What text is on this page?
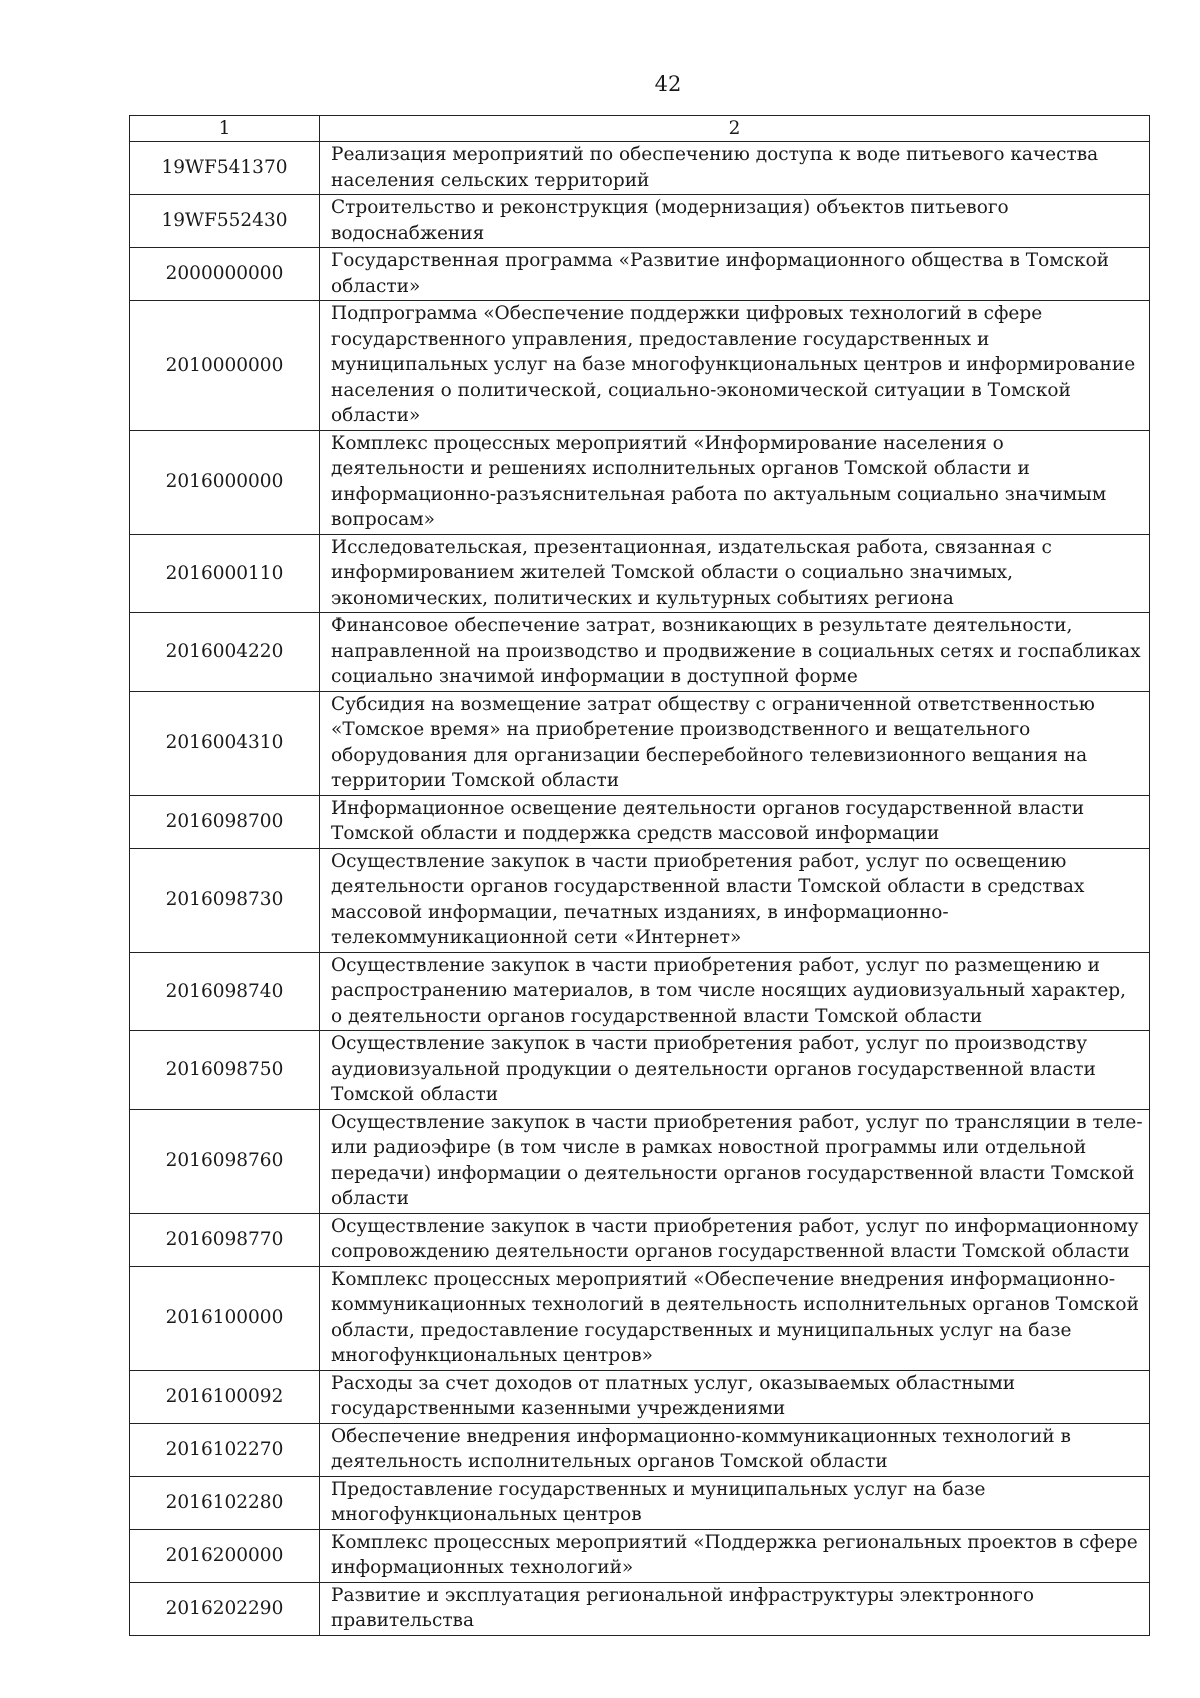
42
1	2
19WF541370	Реализация мероприятий по обеспечению доступа к воде питьевого качества населения сельских территорий
19WF552430	Строительство и реконструкция (модернизация) объектов питьевого водоснабжения
2000000000	Государственная программа «Развитие информационного общества в Томской области»
2010000000	Подпрограмма «Обеспечение поддержки цифровых технологий в сфере государственного управления, предоставление государственных и муниципальных услуг на базе многофункциональных центров и информирование населения о политической, социально-экономической ситуации в Томской области»
2016000000	Комплекс процессных мероприятий «Информирование населения о деятельности и решениях исполнительных органов Томской области и информационно-разъяснительная работа по актуальным социально значимым вопросам»
2016000110	Исследовательская, презентационная, издательская работа, связанная с информированием жителей Томской области о социально значимых, экономических, политических и культурных событиях региона
2016004220	Финансовое обеспечение затрат, возникающих в результате деятельности, направленной на производство и продвижение в социальных сетях и госпабликах социально значимой информации в доступной форме
2016004310	Субсидия на возмещение затрат обществу с ограниченной ответственностью «Томское время» на приобретение производственного и вещательного оборудования для организации бесперебойного телевизионного вещания на территории Томской области
2016098700	Информационное освещение деятельности органов государственной власти Томской области и поддержка средств массовой информации
2016098730	Осуществление закупок в части приобретения работ, услуг по освещению деятельности органов государственной власти Томской области в средствах массовой информации, печатных изданиях, в информационно-телекоммуникационной сети «Интернет»
2016098740	Осуществление закупок в части приобретения работ, услуг по размещению и распространению материалов, в том числе носящих аудиовизуальный характер, о деятельности органов государственной власти Томской области
2016098750	Осуществление закупок в части приобретения работ, услуг по производству аудиовизуальной продукции о деятельности органов государственной власти Томской области
2016098760	Осуществление закупок в части приобретения работ, услуг по трансляции в теле- или радиоэфире (в том числе в рамках новостной программы или отдельной передачи) информации о деятельности органов государственной власти Томской области
2016098770	Осуществление закупок в части приобретения работ, услуг по информационному сопровождению деятельности органов государственной власти Томской области
2016100000	Комплекс процессных мероприятий «Обеспечение внедрения информационно-коммуникационных технологий в деятельность исполнительных органов Томской области, предоставление государственных и муниципальных услуг на базе многофункциональных центров»
2016100092	Расходы за счет доходов от платных услуг, оказываемых областными государственными казенными учреждениями
2016102270	Обеспечение внедрения информационно-коммуникационных технологий в деятельность исполнительных органов Томской области
2016102280	Предоставление государственных и муниципальных услуг на базе многофункциональных центров
2016200000	Комплекс процессных мероприятий «Поддержка региональных проектов в сфере информационных технологий»
2016202290	Развитие и эксплуатация региональной инфраструктуры электронного правительства
